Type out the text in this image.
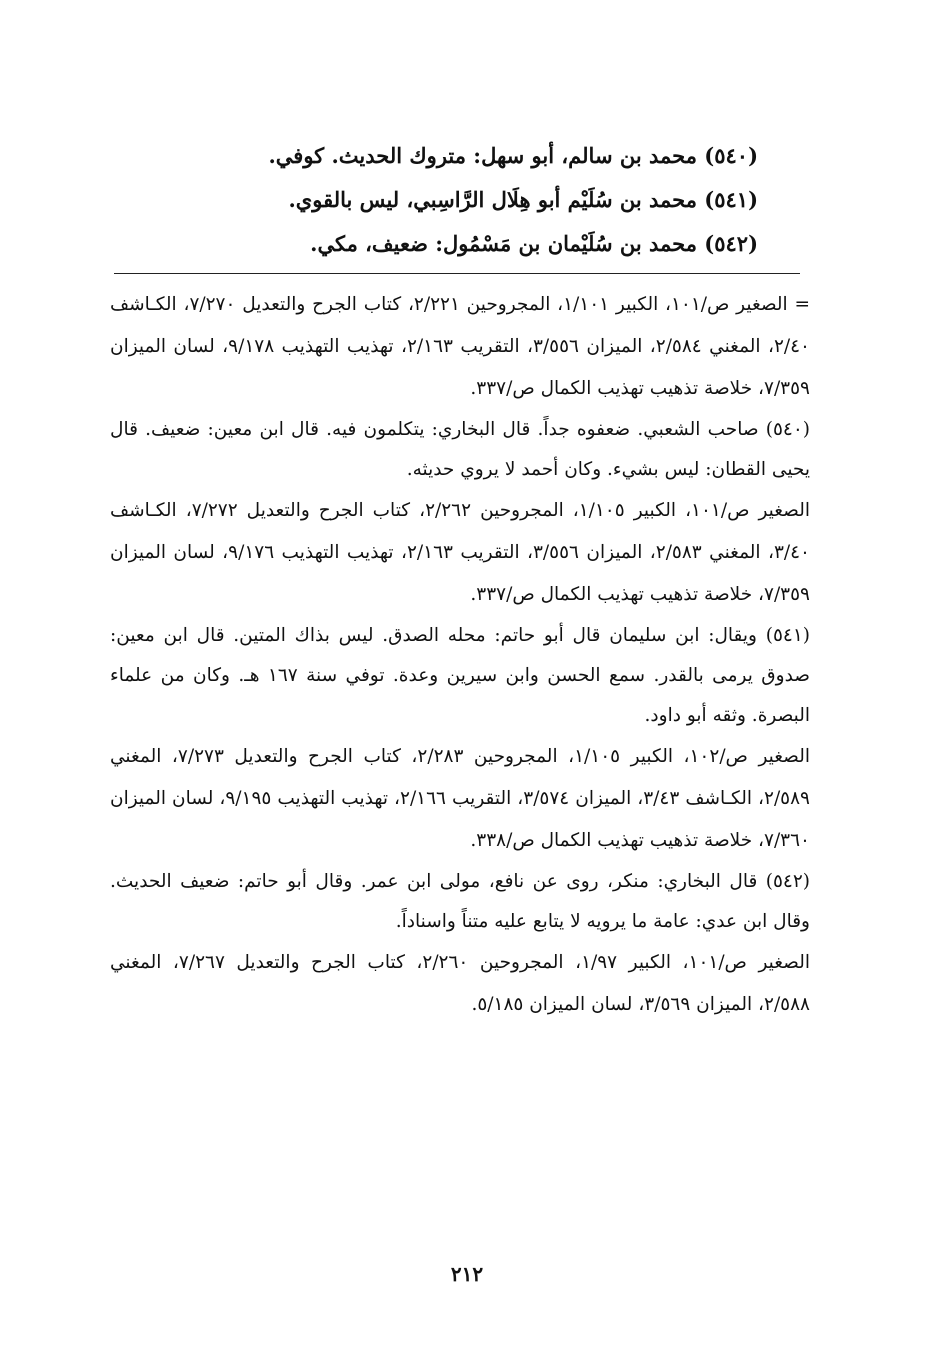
(٥٤٠) محمد بن سالم، أبو سهل: متروك الحديث. كوفي.
(٥٤١) محمد بن سُلَيْم أبو هِلَال الرَّاسِبي، ليس بالقوي.
(٥٤٢) محمد بن سُلَيْمان بن مَسْمُول: ضعيف، مكي.

= الصغير ص/١٠١، الكبير ١/١٠١، المجروحين ٢/٢٢١، كتاب الجرح والتعديل ٧/٢٧٠، الكـاشف ٢/٤٠، المغني ٢/٥٨٤، الميزان ٣/٥٥٦، التقريب ٢/١٦٣، تهذيب التهذيب ٩/١٧٨، لسان الميزان ٧/٣٥٩، خلاصة تذهيب تهذيب الكمال ص/٣٣٧.

(٥٤٠) صاحب الشعبي. ضعفوه جداً. قال البخاري: يتكلمون فيه. قال ابن معين: ضعيف. قال يحيى القطان: ليس بشيء. وكان أحمد لا يروي حديثه.

الصغير ص/١٠١، الكبير ١/١٠٥، المجروحين ٢/٢٦٢، كتاب الجرح والتعديل ٧/٢٧٢، الكـاشف ٣/٤٠، المغني ٢/٥٨٣، الميزان ٣/٥٥٦، التقريب ٢/١٦٣، تهذيب التهذيب ٩/١٧٦، لسان الميزان ٧/٣٥٩، خلاصة تذهيب تهذيب الكمال ص/٣٣٧.

(٥٤١) ويقال: ابن سليمان قال أبو حاتم: محله الصدق. ليس بذاك المتين. قال ابن معين: صدوق يرمى بالقدر. سمع الحسن وابن سيرين وعدة. توفي سنة ١٦٧ هـ. وكان من علماء البصرة. وثقه أبو داود.

الصغير ص/١٠٢، الكبير ١/١٠٥، المجروحين ٢/٢٨٣، كتاب الجرح والتعديل ٧/٢٧٣، المغني ٢/٥٨٩، الكـاشف ٣/٤٣، الميزان ٣/٥٧٤، التقريب ٢/١٦٦، تهذيب التهذيب ٩/١٩٥، لسان الميزان ٧/٣٦٠، خلاصة تذهيب تهذيب الكمال ص/٣٣٨.

(٥٤٢) قال البخاري: منكر، روى عن نافع، مولى ابن عمر. وقال أبو حاتم: ضعيف الحديث. وقال ابن عدي: عامة ما يرويه لا يتابع عليه متناً واسناداً.

الصغير ص/١٠١، الكبير ١/٩٧، المجروحين ٢/٢٦٠، كتاب الجرح والتعديل ٧/٢٦٧، المغني ٢/٥٨٨، الميزان ٣/٥٦٩، لسان الميزان ٥/١٨٥.

٢١٢
